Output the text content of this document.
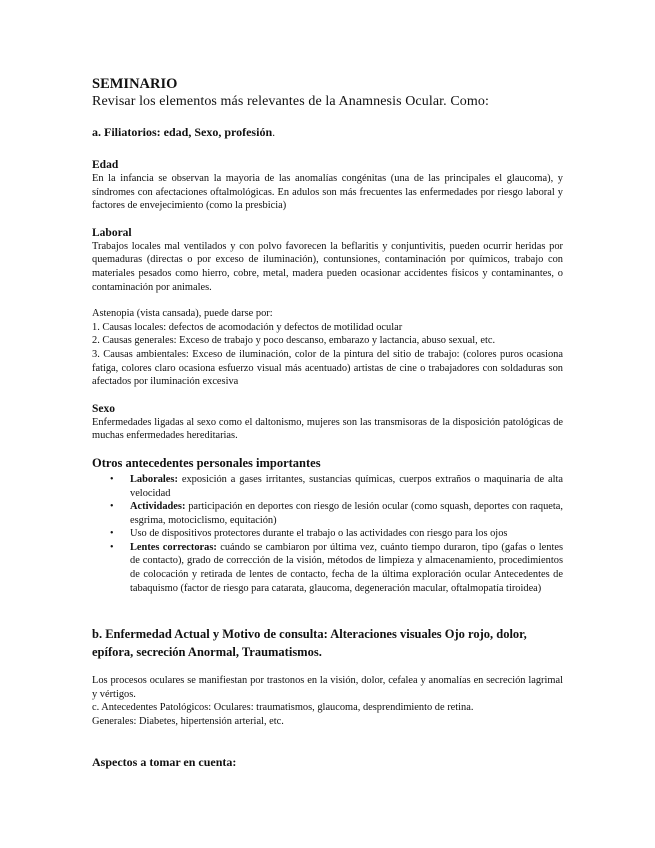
SEMINARIO

Revisar los elementos más relevantes de la Anamnesis Ocular. Como:

a. Filiatorios: edad, Sexo, profesión.

Edad

En la infancia se observan la mayoria de las anomalías congénitas (una de las principales el glaucoma), y síndromes con afectaciones oftalmológicas. En adulos son más frecuentes las enfermedades por riesgo laboral y factores de envejecimiento (como la presbicia)

Laboral

Trabajos locales mal ventilados y con polvo favorecen la beflaritis y conjuntivitis, pueden ocurrir heridas por quemaduras (directas o por exceso de iluminación), contunsiones, contaminación por químicos, trabajo con materiales pesados como hierro, cobre, metal, madera pueden ocasionar accidentes físicos y contaminantes, o contaminación por animales.

Astenopia (vista cansada), puede darse por:

1. Causas locales: defectos de acomodación y defectos de motilidad ocular

2. Causas generales: Exceso de trabajo y poco descanso, embarazo y lactancia, abuso sexual, etc.

3. Causas ambientales: Exceso de iluminación, color de la pintura del sitio de trabajo: (colores puros ocasiona fatiga, colores claro ocasiona esfuerzo visual más acentuado) artistas de cine o trabajadores con soldaduras son afectados por iluminación excesiva

Sexo

Enfermedades ligadas al sexo como el daltonismo, mujeres son las transmisoras de la disposición patológicas de muchas enfermedades hereditarias.

Otros antecedentes personales importantes

• Laborales: exposición a gases irritantes, sustancias químicas, cuerpos extraños o maquinaria de alta velocidad
• Actividades: participación en deportes con riesgo de lesión ocular (como squash, deportes con raqueta, esgrima, motociclismo, equitación)
• Uso de dispositivos protectores durante el trabajo o las actividades con riesgo para los ojos
• Lentes correctoras: cuándo se cambiaron por última vez, cuánto tiempo duraron, tipo (gafas o lentes de contacto), grado de corrección de la visión, métodos de limpieza y almacenamiento, procedimientos de colocación y retirada de lentes de contacto, fecha de la última exploración ocular Antecedentes de tabaquismo (factor de riesgo para catarata, glaucoma, degeneración macular, oftalmopatía tiroidea)

b. Enfermedad Actual y Motivo de consulta: Alteraciones visuales Ojo rojo, dolor, epífora, secreción Anormal, Traumatismos.

Los procesos oculares se manifiestan por trastonos en la visión, dolor, cefalea y anomalías en secreción lagrimal y vértigos.

c. Antecedentes Patológicos: Oculares: traumatismos, glaucoma, desprendimiento de retina.

Generales: Diabetes, hipertensión arterial, etc.

Aspectos a tomar en cuenta:
